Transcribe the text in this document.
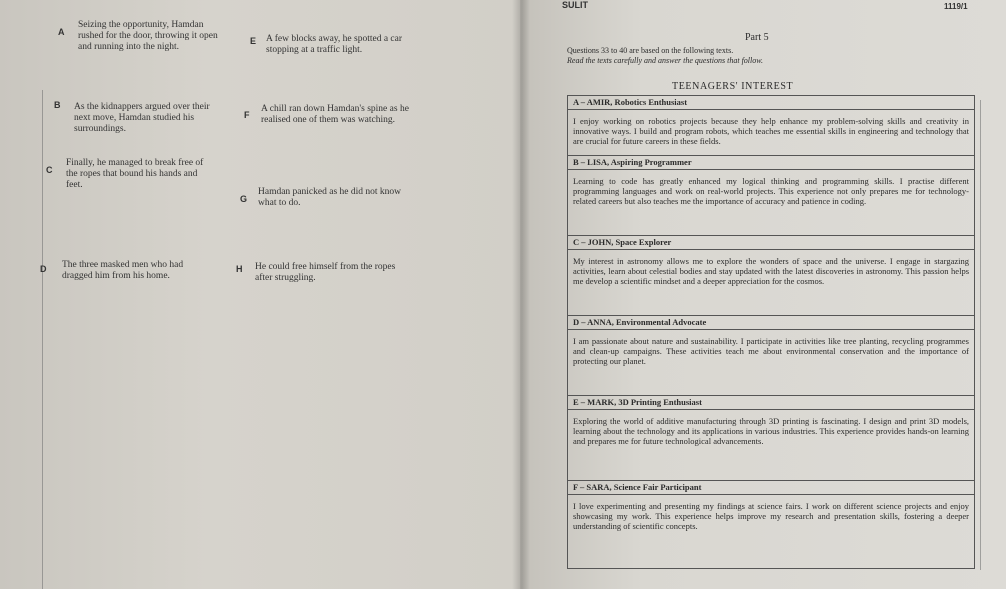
SULIT	1119/1
A
Seizing the opportunity, Hamdan rushed for the door, throwing it open and running into the night.
B As the kidnappers argued over their next move, Hamdan studied his surroundings.
C
Finally, he managed to break free of the ropes that bound his hands and feet.
D The three masked men who had dragged him from his home.
E A few blocks away, he spotted a car stopping at a traffic light.
F
A chill ran down Hamdan's spine as he realised one of them was watching.
G
Hamdan panicked as he did not know what to do.
H He could free himself from the ropes after struggling.
Part 5
Questions 33 to 40 are based on the following texts.
Read the texts carefully and answer the questions that follow.
TEENAGERS' INTEREST
A – AMIR, Robotics Enthusiast
I enjoy working on robotics projects because they help enhance my problem-solving skills and creativity in innovative ways. I build and program robots, which teaches me essential skills in engineering and technology that are crucial for future careers in these fields.
B – LISA, Aspiring Programmer
Learning to code has greatly enhanced my logical thinking and programming skills. I practise different programming languages and work on real-world projects. This experience not only prepares me for technology-related careers but also teaches me the importance of accuracy and patience in coding.
C – JOHN, Space Explorer
My interest in astronomy allows me to explore the wonders of space and the universe. I engage in stargazing activities, learn about celestial bodies and stay updated with the latest discoveries in astronomy. This passion helps me develop a scientific mindset and a deeper appreciation for the cosmos.
D – ANNA, Environmental Advocate
I am passionate about nature and sustainability. I participate in activities like tree planting, recycling programmes and clean-up campaigns. These activities teach me about environmental conservation and the importance of protecting our planet.
E – MARK, 3D Printing Enthusiast
Exploring the world of additive manufacturing through 3D printing is fascinating. I design and print 3D models, learning about the technology and its applications in various industries. This experience provides hands-on learning and prepares me for future technological advancements.
F – SARA, Science Fair Participant
I love experimenting and presenting my findings at science fairs. I work on different science projects and enjoy showcasing my work. This experience helps improve my research and presentation skills, fostering a deeper understanding of scientific concepts.
